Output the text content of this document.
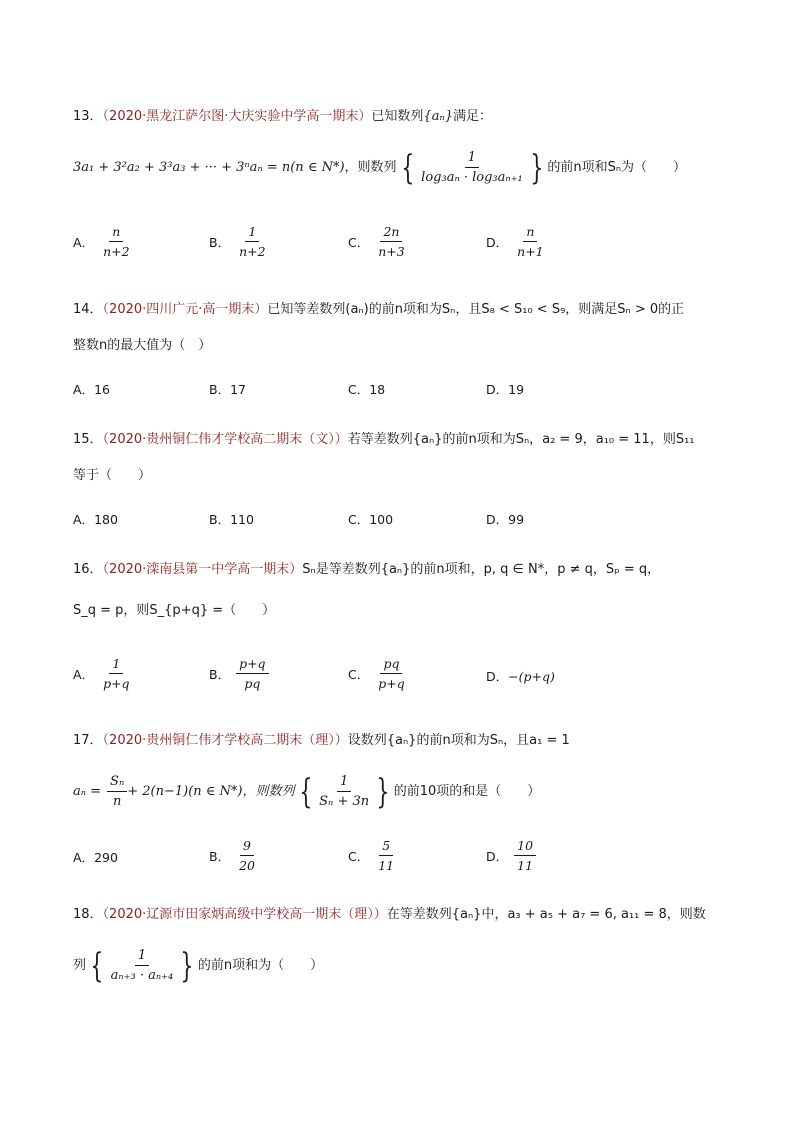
13．（2020·黑龙江萨尔图·大庆实验中学高一期末）已知数列{aₙ}满足：
3a₁ + 3²a₂ + 3³a₃ + ··· + 3ⁿaₙ = n(n ∈ N*)，则数列 { $\frac{1}{\text{log₃aₙ · log₃aₙ₊₁}}$ } 的前n项和Sₙ为（　　）
A． $\frac{n}{n+2}$	B． $\frac{1}{n+2}$	C． $\frac{2n}{n+3}$	D． $\frac{n}{n+1}$
14．（2020·四川广元·高一期末）已知等差数列(aₙ)的前n项和为Sₙ，且S₈ < S₁₀ < S₉，则满足Sₙ > 0的正
整数n的最大值为（　）
A． 16	B． 17	C． 18	D． 19
15．（2020·贵州铜仁伟才学校高二期末（文））若等差数列{aₙ}的前n项和为Sₙ，a₂ = 9，a₁₀ = 11，则S₁₁
等于（　　）
A． 180	B． 110	C． 100	D． 99
16．（2020·滦南县第一中学高一期末）Sₙ是等差数列{aₙ}的前n项和，p, q ∈ N*，p ≠ q，Sₚ = q，
S_q = p，则S_{p+q} =（　　）
A． $\frac{1}{p+q}$	B． $\frac{p+q}{pq}$	C． $\frac{pq}{p+q}$	D． −(p+q)
17．（2020·贵州铜仁伟才学校高二期末（理））设数列{aₙ}的前n项和为Sₙ，且a₁ = 1
$a_n = \frac{\text{Sₙ}}{n} + 2(n-1)(n$ ∈ N*)，则数列 { $\frac{1}{\text{Sₙ + 3n}}$ } 的前10项的和是（　　）
A． 290	B． $\frac{9}{20}$	C． $\frac{5}{11}$	D． $\frac{10}{11}$
18．（2020·辽源市田家炳高级中学校高一期末（理））在等差数列{aₙ}中，a₃ + a₅ + a₇ = 6, a₁₁ = 8，则数
列 { $\frac{1}{\text{aₙ₊₃ · aₙ₊₄}}$ } 的前n项和为（　　）
